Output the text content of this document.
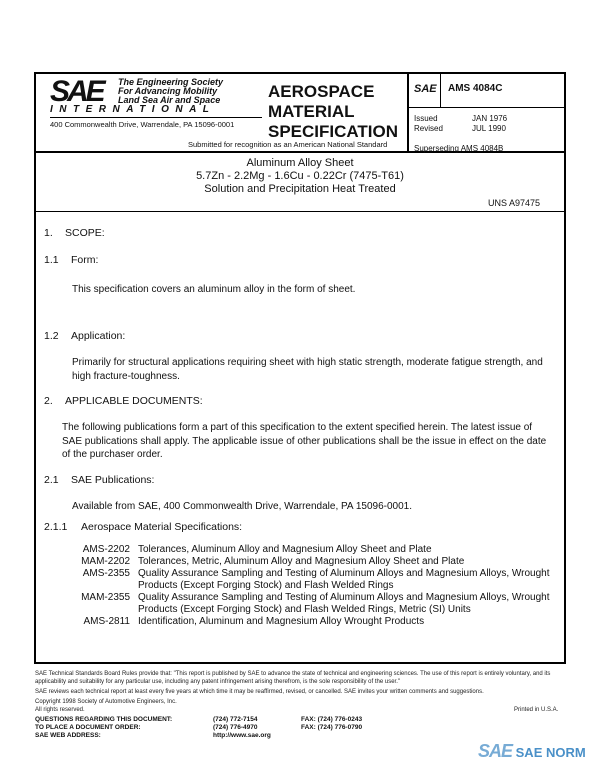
SAE The Engineering Society
For Advancing Mobility
Land Sea Air and Space
INTERNATIONAL
400 Commonwealth Drive, Warrendale, PA 15096-0001
AEROSPACE
MATERIAL
SPECIFICATION
Submitted for recognition as an American National Standard
SAE AMS 4084C
Issued	JAN 1976
Revised	JUL 1990
Superseding AMS 4084B
Aluminum Alloy Sheet
5.7Zn - 2.2Mg - 1.6Cu - 0.22Cr (7475-T61)
Solution and Precipitation Heat Treated
UNS A97475
1. SCOPE:
1.1 Form:
This specification covers an aluminum alloy in the form of sheet.
1.2 Application:
Primarily for structural applications requiring sheet with high static strength, moderate fatigue strength, and high fracture-toughness.
2. APPLICABLE DOCUMENTS:
The following publications form a part of this specification to the extent specified herein. The latest issue of SAE publications shall apply. The applicable issue of other publications shall be the issue in effect on the date of the purchaser order.
2.1 SAE Publications:
Available from SAE, 400 Commonwealth Drive, Warrendale, PA 15096-0001.
2.1.1 Aerospace Material Specifications:
AMS-2202 Tolerances, Aluminum Alloy and Magnesium Alloy Sheet and Plate
MAM-2202 Tolerances, Metric, Aluminum Alloy and Magnesium Alloy Sheet and Plate
AMS-2355 Quality Assurance Sampling and Testing of Aluminum Alloys and Magnesium Alloys, Wrought Products (Except Forging Stock) and Flash Welded Rings
MAM-2355 Quality Assurance Sampling and Testing of Aluminum Alloys and Magnesium Alloys, Wrought Products (Except Forging Stock) and Flash Welded Rings, Metric (SI) Units
AMS-2811 Identification, Aluminum and Magnesium Alloy Wrought Products
SAE Technical Standards Board Rules provide that: "This report is published by SAE to advance the state of technical and engineering sciences. The use of this report is entirely voluntary, and its applicability and suitability for any particular use, including any patent infringement arising therefrom, is the sole responsibility of the user."
SAE reviews each technical report at least every five years at which time it may be reaffirmed, revised, or cancelled. SAE invites your written comments and suggestions.
Copyright 1998 Society of Automotive Engineers, Inc.
All rights reserved.	Printed in U.S.A.
QUESTIONS REGARDING THIS DOCUMENT:	(724) 772-7154	FAX: (724) 776-0243
TO PLACE A DOCUMENT ORDER:	(724) 776-4970	FAX: (724) 776-0790
SAE WEB ADDRESS:	http://www.sae.org
SAE SAE NORM
